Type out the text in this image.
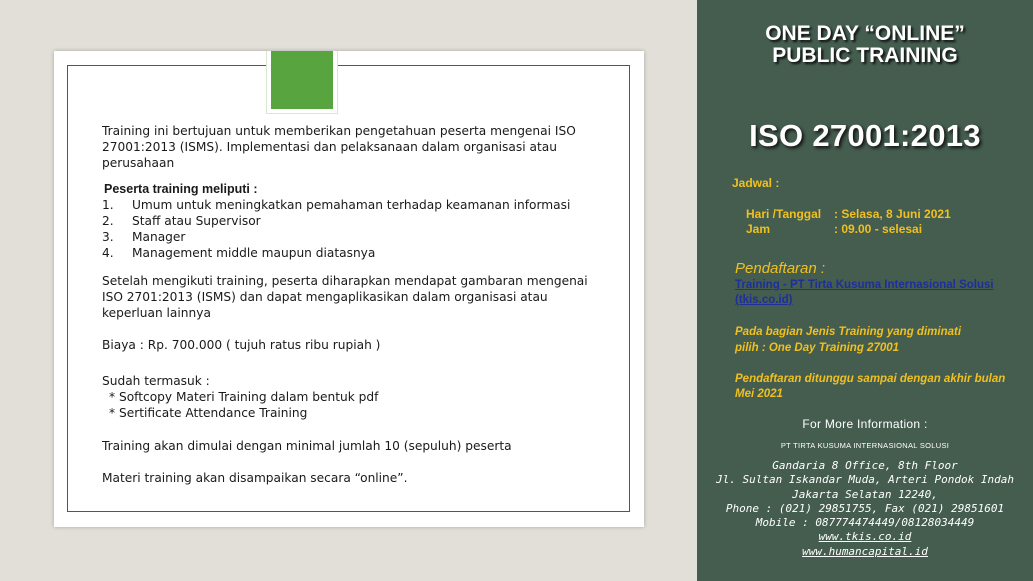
Training ini bertujuan untuk memberikan pengetahuan peserta mengenai ISO 27001:2013 (ISMS). Implementasi dan pelaksanaan dalam organisasi atau perusahaan

Peserta training meliputi :

1.	Umum untuk meningkatkan pemahaman terhadap keamanan informasi
2.	Staff atau Supervisor
3.	Manager
4.	Management middle maupun diatasnya

Setelah mengikuti training, peserta diharapkan mendapat gambaran mengenai ISO 2701:2013 (ISMS) dan dapat mengaplikasikan dalam organisasi atau keperluan lainnya

Biaya : Rp. 700.000 ( tujuh ratus ribu rupiah )

Sudah termasuk :

* Softcopy Materi Training dalam bentuk pdf
* Sertificate Attendance Training

Training akan dimulai dengan minimal jumlah 10 (sepuluh) peserta

Materi training akan disampaikan secara “online”.

ONE DAY “ONLINE”
PUBLIC TRAINING
ISO 27001:2013
Jadwal :
Hari /Tanggal	: Selasa, 8 Juni 2021
Jam	: 09.00 - selesai
Pendaftaran :
Training - PT Tirta Kusuma Internasional Solusi (tkis.co.id)
Pada bagian Jenis Training yang diminati
pilih : One Day Training 27001
Pendaftaran ditunggu sampai dengan akhir bulan Mei 2021
For More Information :
PT TIRTA KUSUMA INTERNASIONAL SOLUSI
Gandaria 8 Office, 8th Floor
Jl. Sultan Iskandar Muda, Arteri Pondok Indah
Jakarta Selatan 12240,
Phone : (021) 29851755, Fax (021) 29851601
Mobile : 087774474449/08128034449
www.tkis.co.id
www.humancapital.id
